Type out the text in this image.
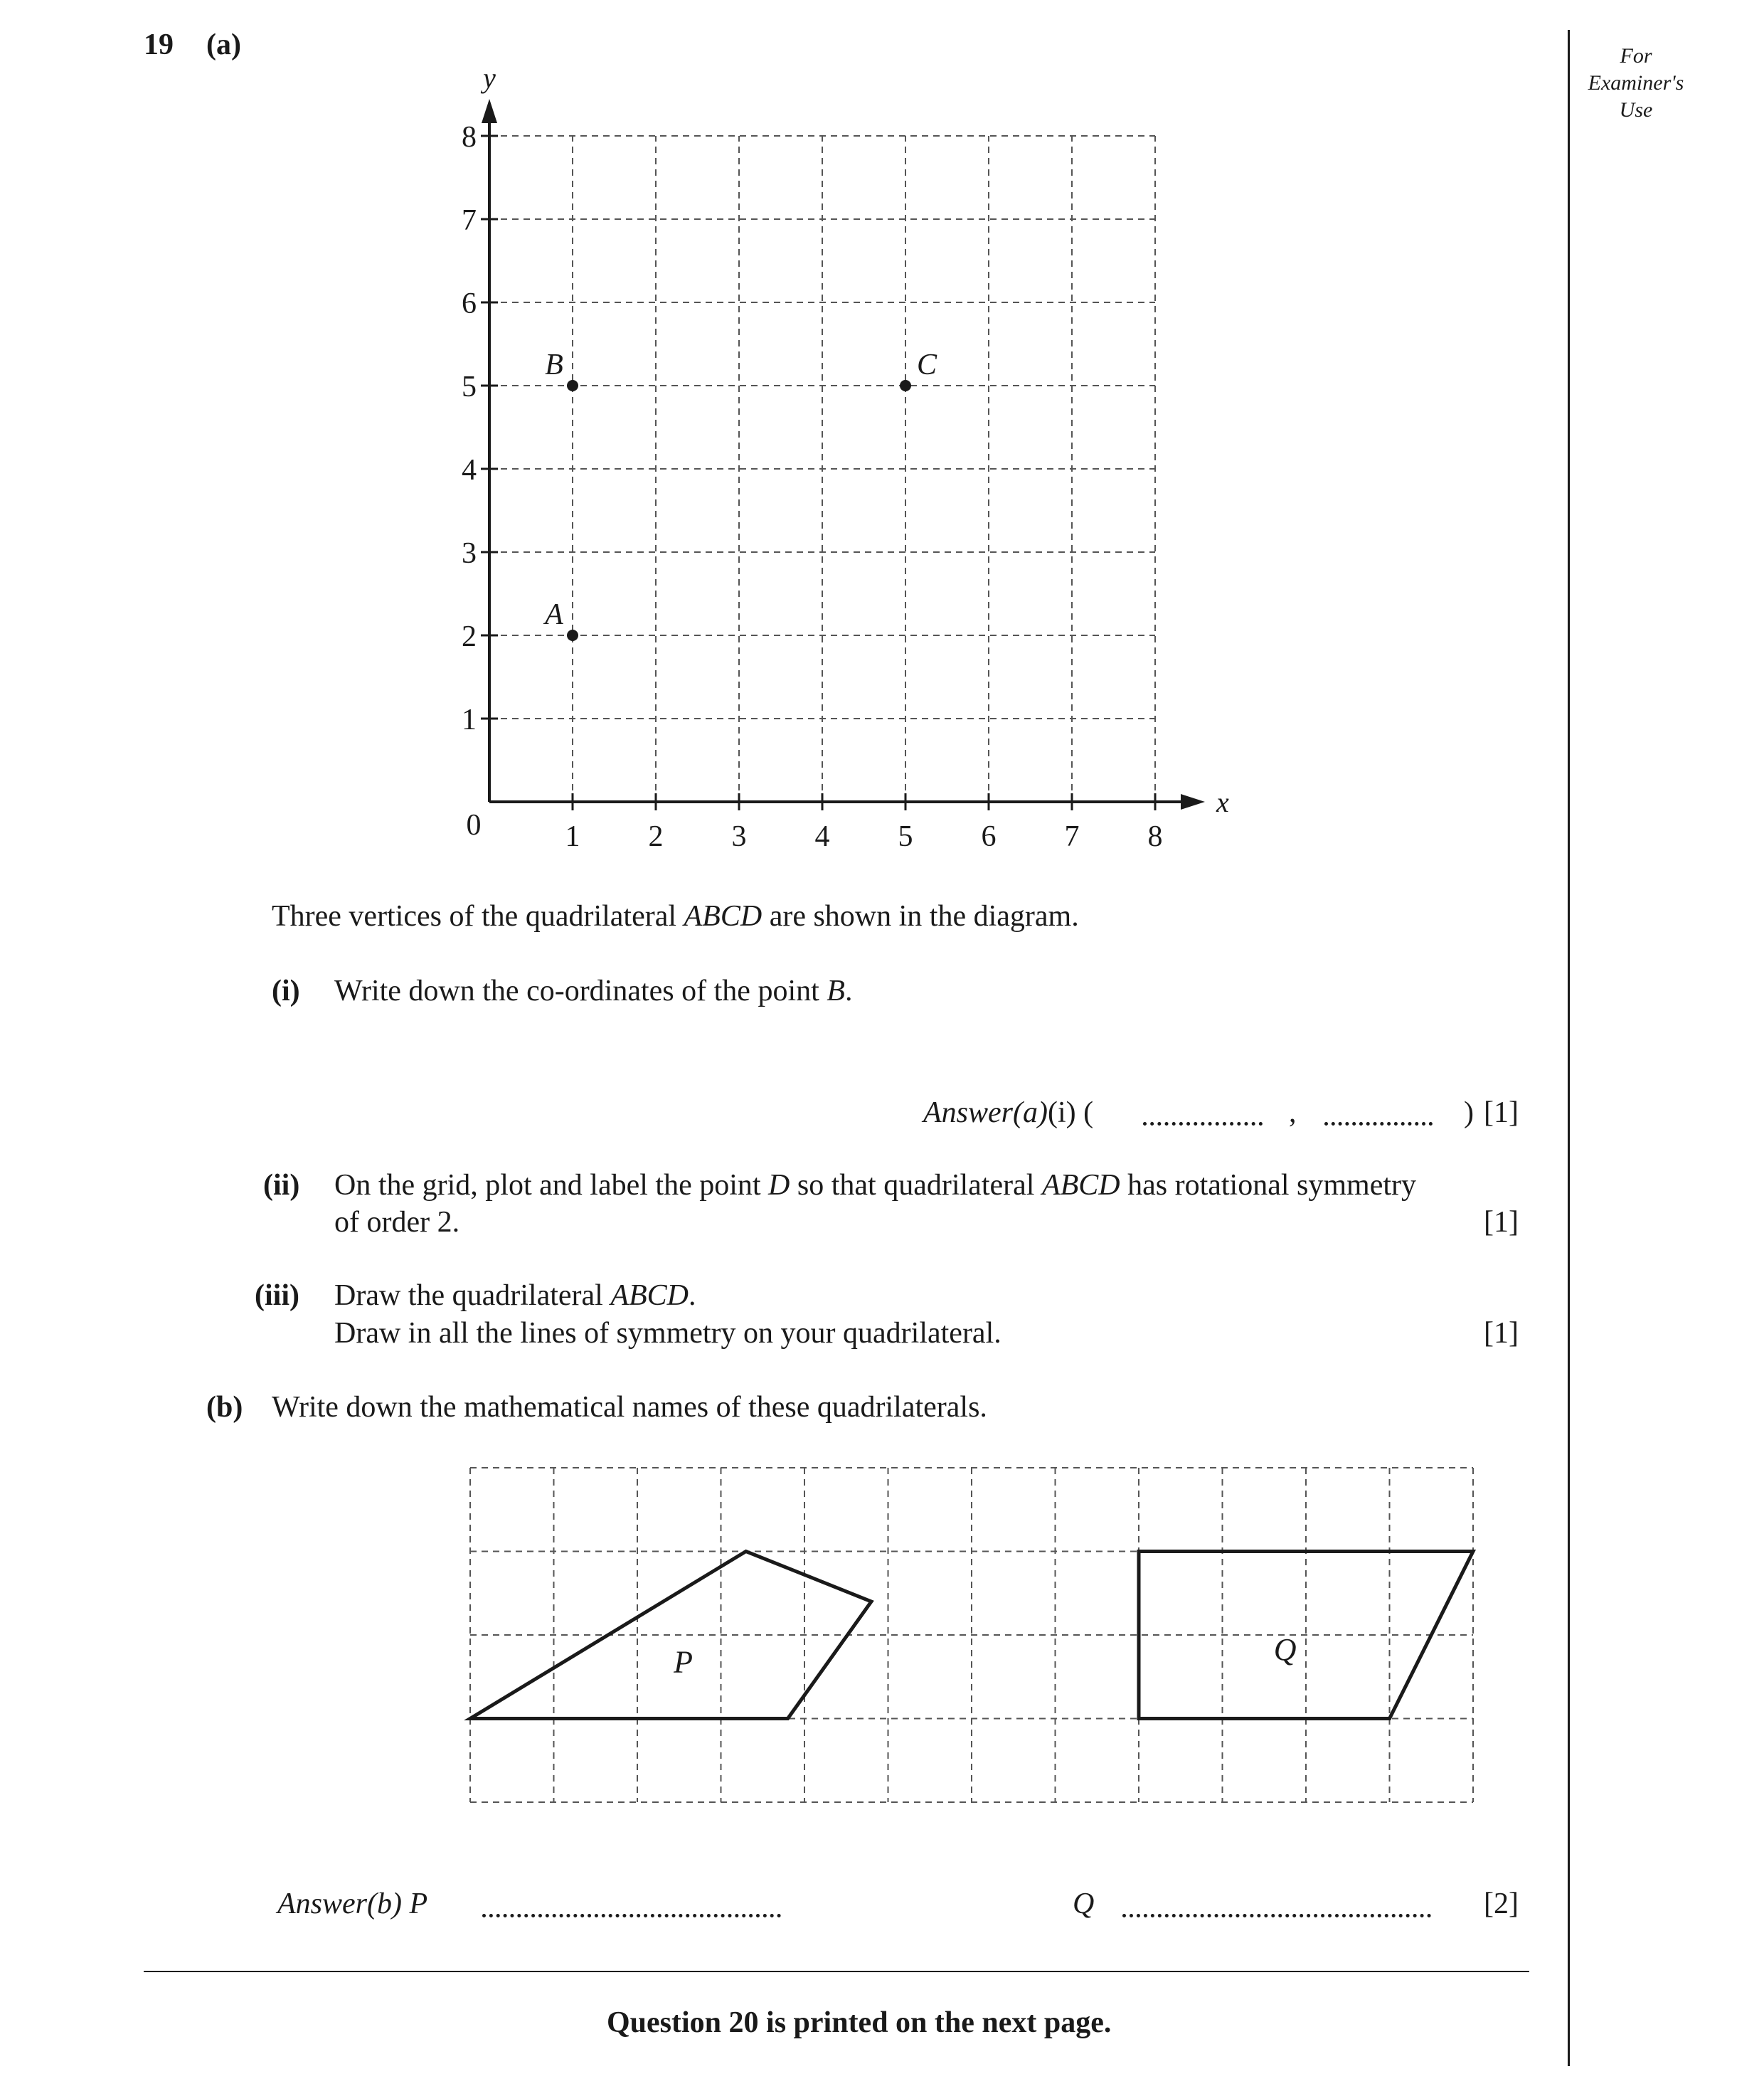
19 (a)	For
Examiner's
Use
x
y
0	1 2 3 4 5 6 7 8
1
2
3
4
5
6
7
8
A
B	C
Three vertices of the quadrilateral ABCD are shown in the diagram.
(i) Write down the co-ordinates of the point B.
Answer(a)(i) (	,	) [1]
(ii) On the grid, plot and label the point D so that quadrilateral ABCD has rotational symmetry
of order 2.	[1]
(iii) Draw the quadrilateral ABCD.
Draw in all the lines of symmetry on your quadrilateral.	[1]
(b) Write down the mathematical names of these quadrilaterals.
P	Q
Answer(b) P	Q	[2]
Question 20 is printed on the next page.
